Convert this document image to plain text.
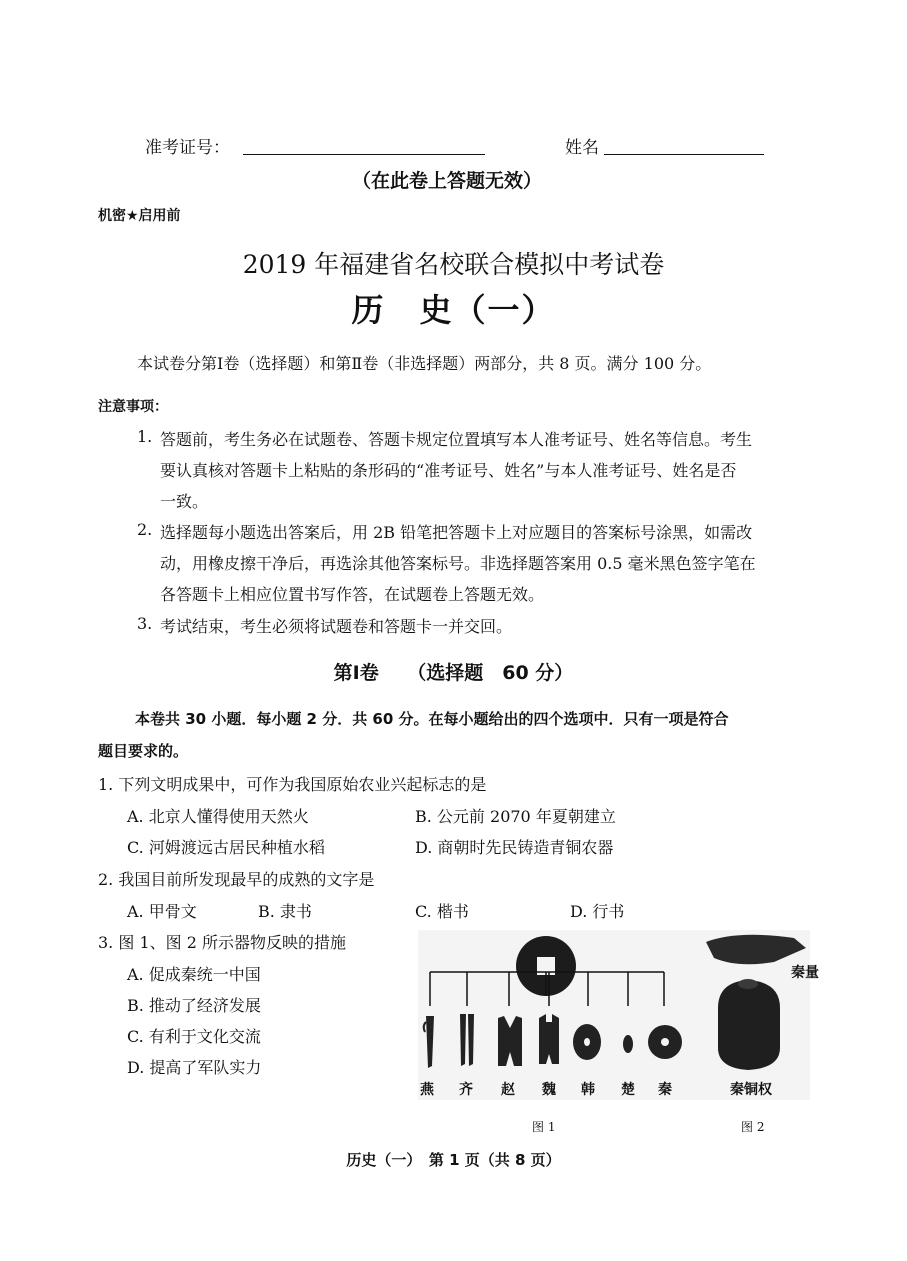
准考证号：	姓名
（在此卷上答题无效）
机密★启用前
2019 年福建省名校联合模拟中考试卷
历　史（一）
本试卷分第Ⅰ卷（选择题）和第Ⅱ卷（非选择题）两部分，共 8 页。满分 100 分。
注意事项：
1. 答题前，考生务必在试题卷、答题卡规定位置填写本人准考证号、姓名等信息。考生
要认真核对答题卡上粘贴的条形码的“准考证号、姓名”与本人准考证号、姓名是否
一致。
2. 选择题每小题选出答案后，用 2B 铅笔把答题卡上对应题目的答案标号涂黑，如需改
动，用橡皮擦干净后，再选涂其他答案标号。非选择题答案用 0.5 毫米黑色签字笔在
各答题卡上相应位置书写作答，在试题卷上答题无效。
3. 考试结束，考生必须将试题卷和答题卡一并交回。
第Ⅰ卷　　（选择题　60 分）
本卷共 30 小题．每小题 2 分．共 60 分。在每小题给出的四个选项中．只有一项是符合
题目要求的。
1. 下列文明成果中，可作为我国原始农业兴起标志的是
A. 北京人懂得使用天然火	B. 公元前 2070 年夏朝建立
C. 河姆渡远古居民种植水稻	D. 商朝时先民铸造青铜农器
2. 我国目前所发现最早的成熟的文字是
A. 甲骨文	B. 隶书	C. 楷书	D. 行书
3. 图 1、图 2 所示器物反映的措施
A. 促成秦统一中国
B. 推动了经济发展
C. 有利于文化交流
D. 提高了军队实力
秦量
燕 齐 赵 魏 韩 楚 秦	秦铜权
图 1	图 2
历史（一）　第 1 页（共 8 页）
